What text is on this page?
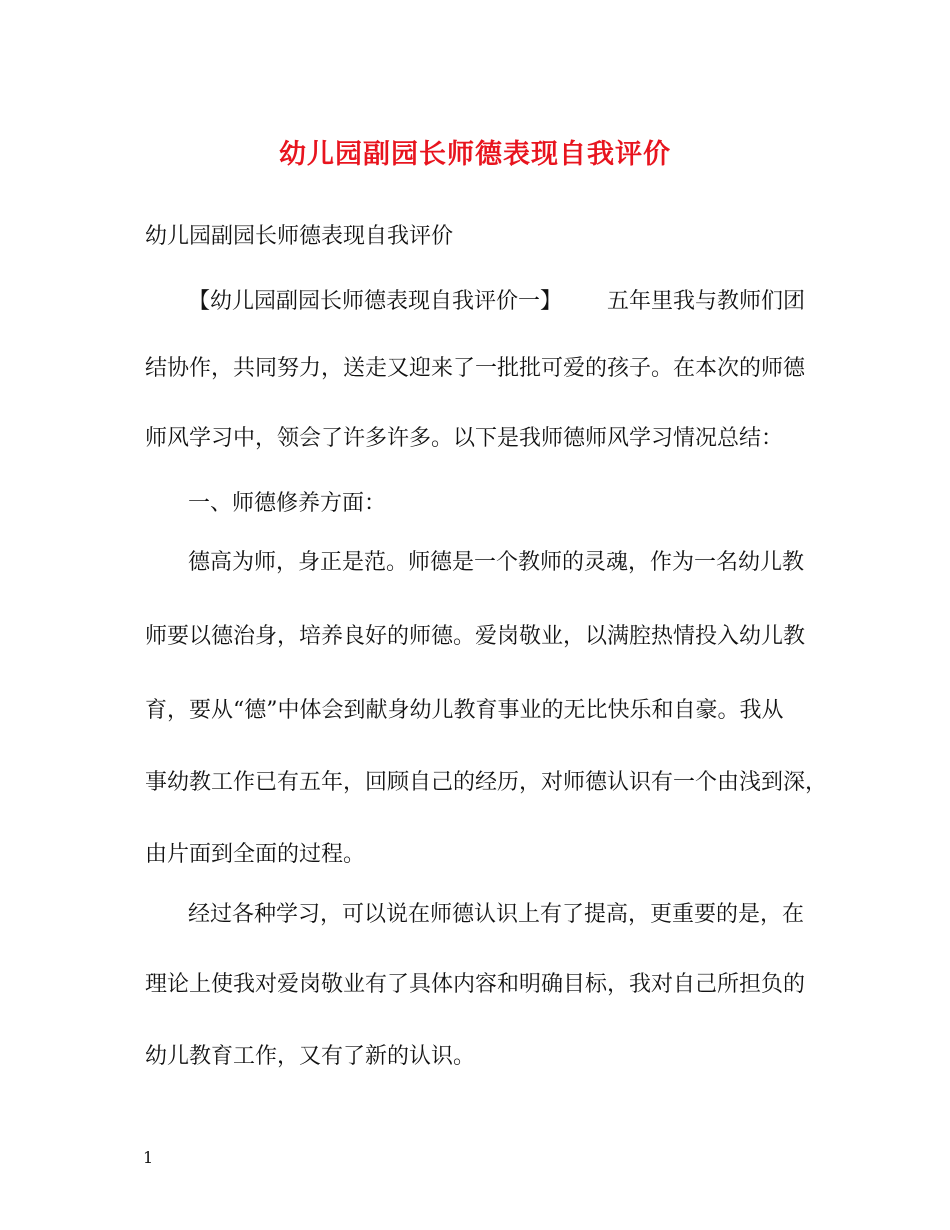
幼儿园副园长师德表现自我评价

幼儿园副园长师德表现自我评价

【幼儿园副园长师德表现自我评价一】 五年里我与教师们团

结协作，共同努力，送走又迎来了一批批可爱的孩子。在本次的师德

师风学习中，领会了许多许多。以下是我师德师风学习情况总结：

一、师德修养方面：

德高为师，身正是范。师德是一个教师的灵魂，作为一名幼儿教

师要以德治身，培养良好的师德。爱岗敬业，以满腔热情投入幼儿教

育，要从“德”中体会到献身幼儿教育事业的无比快乐和自豪。我从

事幼教工作已有五年，回顾自己的经历，对师德认识有一个由浅到深，

由片面到全面的过程。

经过各种学习，可以说在师德认识上有了提高，更重要的是，在

理论上使我对爱岗敬业有了具体内容和明确目标，我对自己所担负的

幼儿教育工作，又有了新的认识。

1
